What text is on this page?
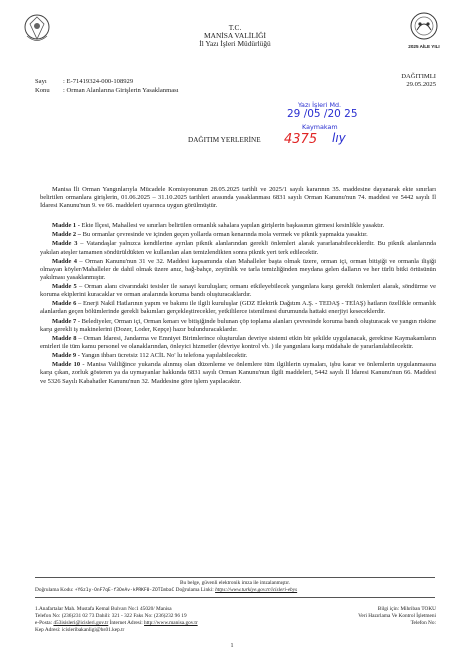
2025 AİLE YILI
T.C.
MANİSA VALİLİĞİ
İl Yazı İşleri Müdürlüğü
Sayı : E-71419324-000-108929
Konu : Orman Alanlarına Girişlerin Yasaklanması
DAĞITIMLI
29.05.2025
Yazı İşleri Md.
29 /05 /20 25
Kaymakam
4375 lıy
DAĞITIM YERLERİNE
Manisa İli Orman Yangınlarıyla Mücadele Komisyonunun 28.05.2025 tarihli ve 2025/1 sayılı kararının 35. maddesine dayanarak ekte sınırları belirtilen ormanlara girişlerin, 01.06.2025 – 31.10.2025 tarihleri arasında yasaklanması 6831 sayılı Orman Kanunu'nun 74. maddesi ve 5442 sayılı İl İdaresi Kanunu'nun 9. ve 66. maddeleri uyarınca uygun görülmüştür.
Madde 1 - Ekte İlçesi, Mahallesi ve sınırları belirtilen ormanlık sahalara yapılan girişlerin başkasının girmesi kesinlikle yasaktır.
Madde 2 – Bu ormanlar çevresinde ve içinden geçen yollarda orman kenarında mola vermek ve piknik yapmakta yasaktır.
Madde 3 – Vatandaşlar yalnızca kendilerine ayrılan piknik alanlarından gerekli önlemleri alarak yararlanabileceklerdir. Bu piknik alanlarında yakılan ateşler tamamen söndürüldükten ve kullanılan alan temizlendikten sonra piknik yeri terk edilecektir.
Madde 4 – Orman Kanunu'nun 31 ve 32. Maddesi kapsamında olan Mahalleler başta olmak üzere, orman içi, orman bitişiği ve ormanla ilişiği olmayan köyler/Mahalleler de dahil olmak üzere anız, bağ-bahçe, zeytinlik ve tarla temizliğinden meydana gelen dalların ve her türlü bitki örtüsünün yakılması yasaklanmıştır.
Madde 5 – Orman alanı civarındaki tesisler ile sanayi kuruluşları; ormanı etkileyebilecek yangınlara karşı gerekli önlemleri alarak, söndürme ve koruma ekiplerini kuracaklar ve orman aralarında koruma bandı oluşturacaklardır.
Madde 6 – Enerji Nakil Hatlarının yapım ve bakımı ile ilgili kuruluşlar (GDZ Elektrik Dağıtım A.Ş. - TEDAŞ - TEİAŞ) hatların özellikle ormanlık alanlardan geçen bölümlerinde gerekli bakımları gerçekleştirecekler, yetkililerce istenilmesi durumunda hattaki enerjiyi keseceklerdir.
Madde 7 - Belediyeler, Orman içi, Orman kenarı ve bitişiğinde bulunan çöp toplama alanları çevresinde koruma bandı oluşturacak ve yangın riskine karşı gerekli iş makinelerini (Dozer, Loder, Kepçe) hazır bulunduracaklardır.
Madde 8 – Orman İdaresi, Jandarma ve Emniyet Birimlerince oluşturulan devriye sistemi etkin bir şekilde uygulanacak, gerekirse Kaymakamların emirleri ile tüm kamu personel ve olanaklarından, önleyici hizmetler (devriye kontrol vb. ) ile yangınlara karşı müdahale de yararlanılabilecektir.
Madde 9 - Yangın ihbarı ücretsiz 112 ACİL No' lu telefona yapılabilecektir.
Madde 10 - Manisa Valiliğince yukarıda alınmış olan düzenleme ve önlemlere tüm ilgililerin uymaları, işbu karar ve önlemlerin uygulanmasına karşı çıkan, zorluk gösteren ya da uymayanlar hakkında 6831 sayılı Orman Kanunu'nun ilgili maddeleri, 5442 sayılı İl İdaresi Kanunu'nun 66. Maddesi ve 5326 Sayılı Kabahatler Kanunu'nun 32. Maddesine göre işlem yapılacaktır.
Bu belge, güvenli elektronik imza ile imzalanmıştır.
Doğrulama Kodu: +Y6z1y-OnF7qE-f3OeAv-kPRKF0-ZOTImbaC Doğrulama Linki: https://www.turkiye.gov.tr/icisleri-ebys
1.Anafartalar Mah. Mustafa Kemal Bulvarı No:1 45020/ Manisa
Telefon No: (236)231 02 73 Dahili: 321 - 322 Faks No: (236)232 96 19
e-Posta: 453isisleri@icisleri.gov.tr İnternet Adresi: http://www.manisa.gov.tr
Kep Adresi: icisleribakanligi@hs01.kep.tr
Bilgi için: Mihriban TOKU
Veri Hazırlama Ve Kontrol İşletmeni
Telefon No:
1
